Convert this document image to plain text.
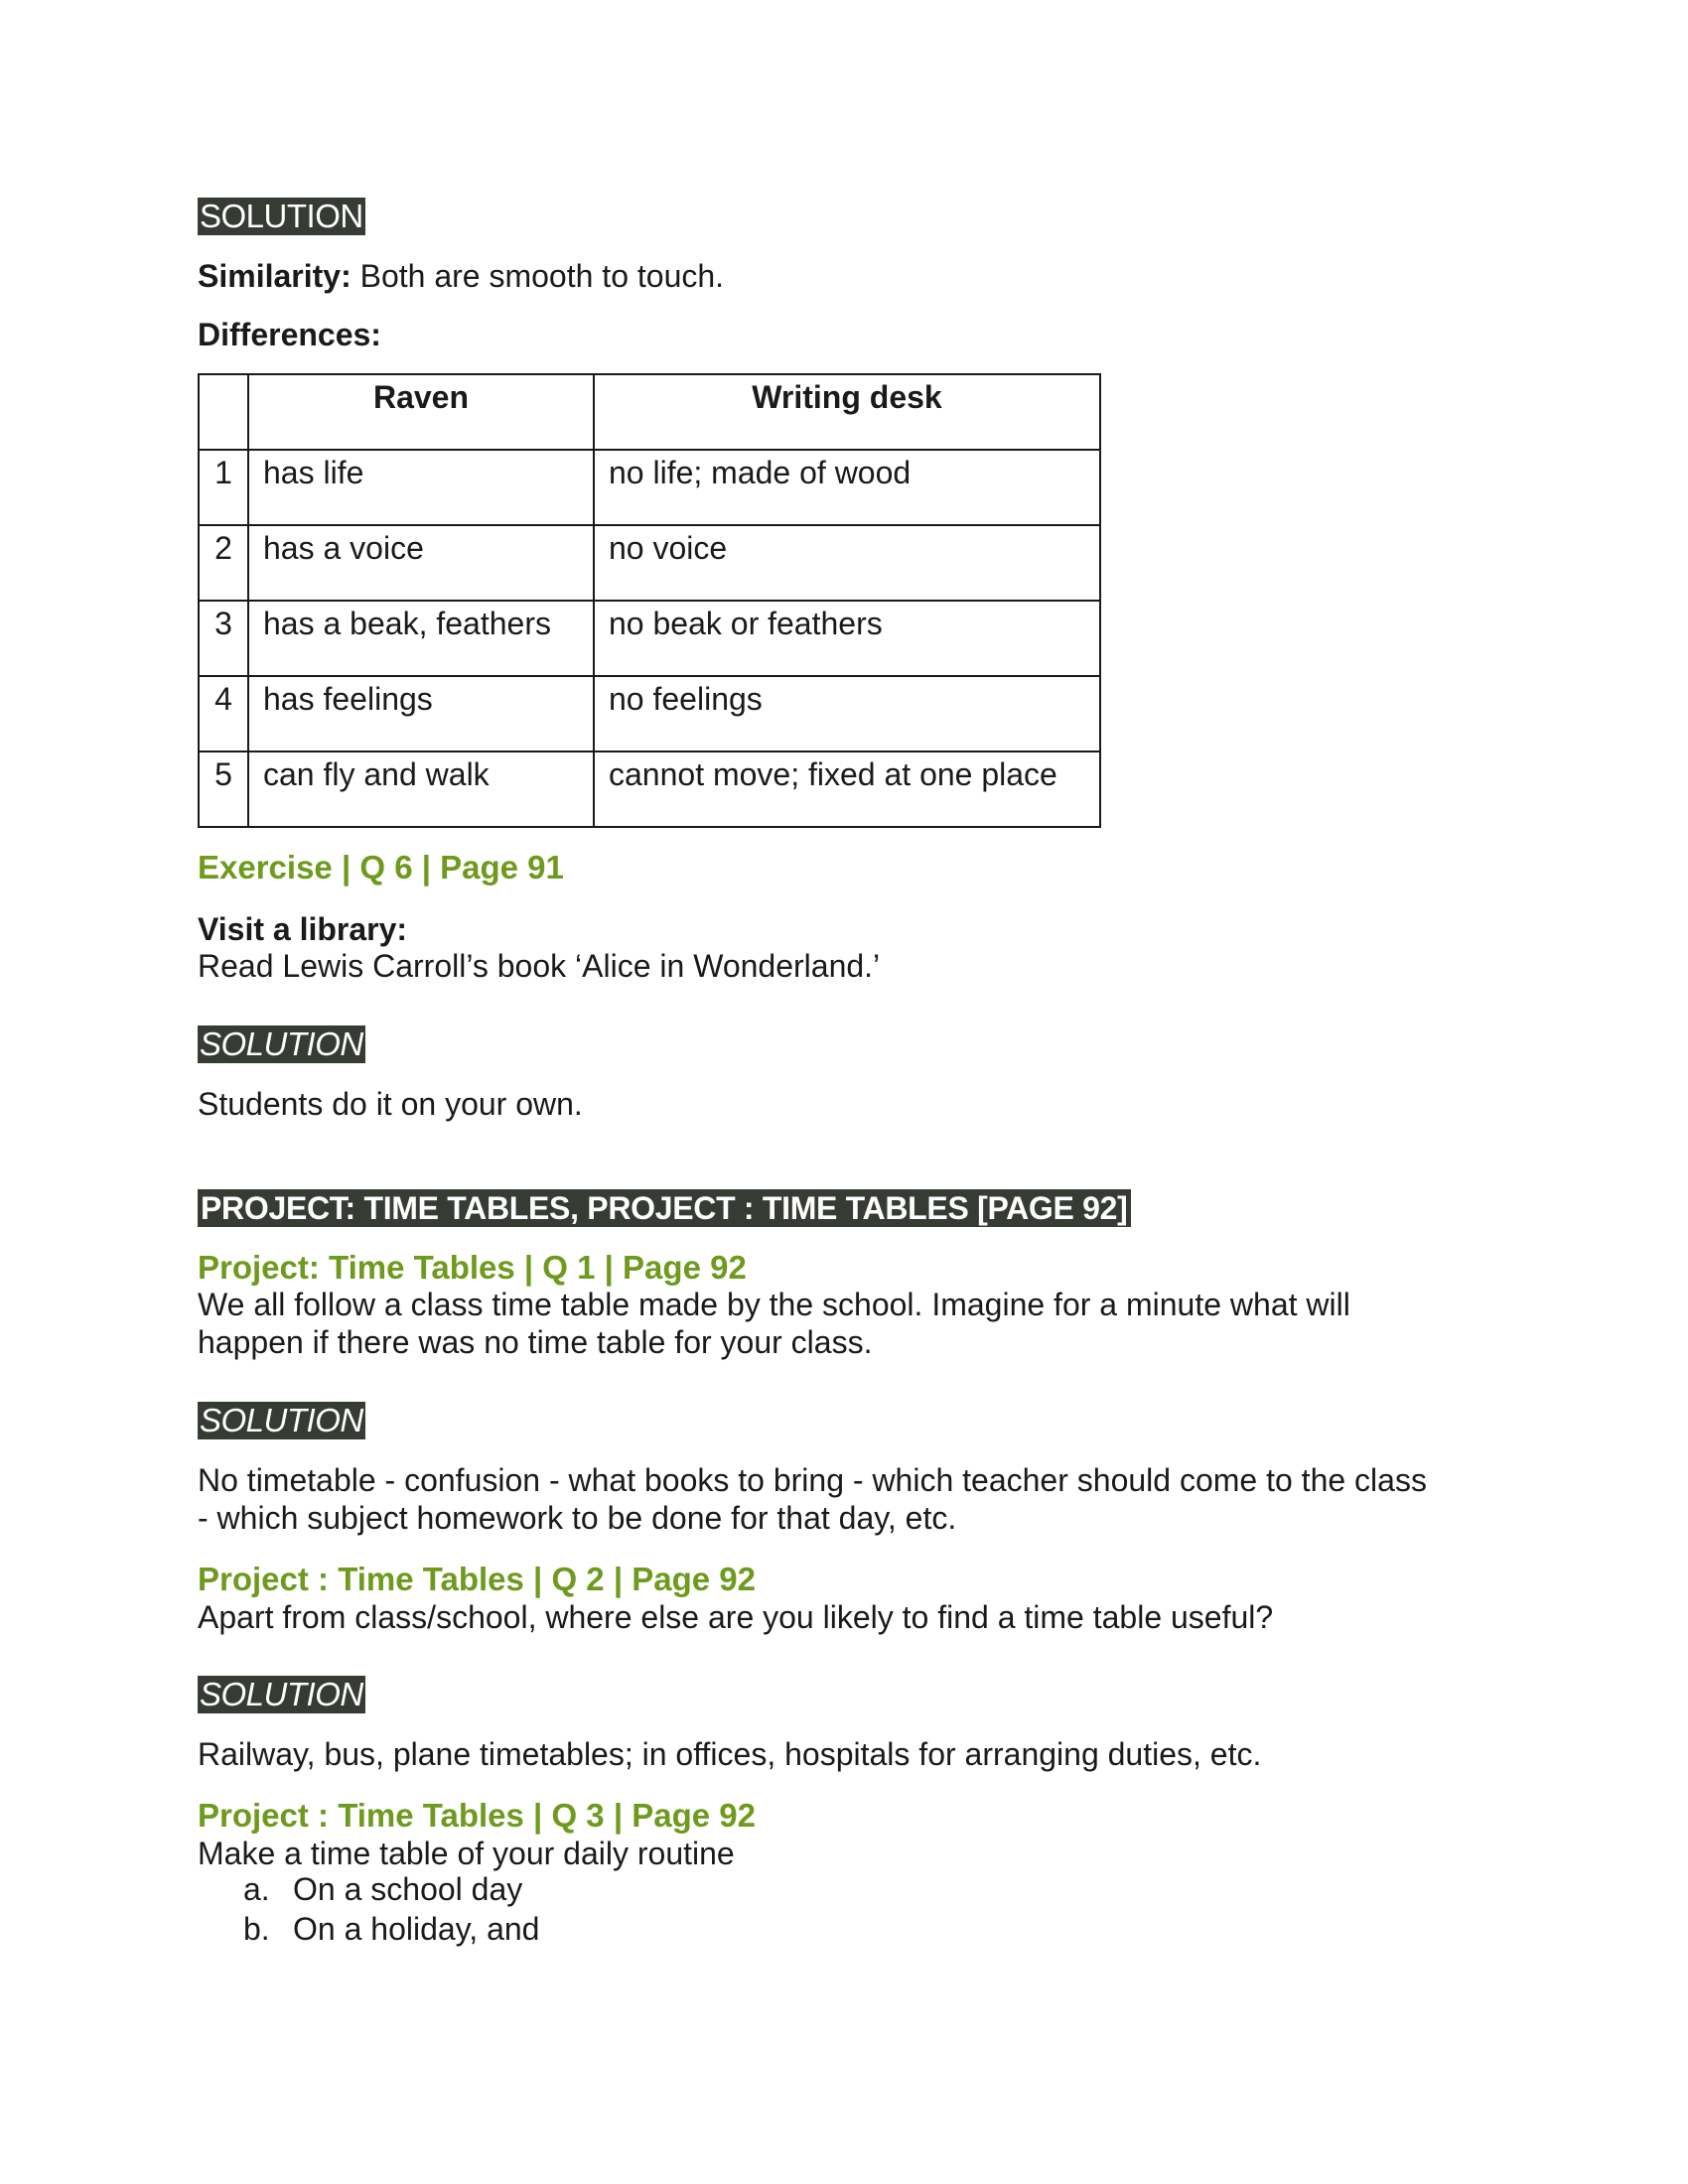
SOLUTION

Similarity: Both are smooth to touch.

Differences:

	Raven	Writing desk
1	has life	no life; made of wood
2	has a voice	no voice
3	has a beak, feathers	no beak or feathers
4	has feelings	no feelings
5	can fly and walk	cannot move; fixed at one place

Exercise | Q 6 | Page 91

Visit a library:

Read Lewis Carroll’s book ‘Alice in Wonderland.’

SOLUTION

Students do it on your own.

PROJECT: TIME TABLES, PROJECT : TIME TABLES [PAGE 92]

Project: Time Tables | Q 1 | Page 92

We all follow a class time table made by the school. Imagine for a minute what will

happen if there was no time table for your class.

SOLUTION

No timetable - confusion - what books to bring - which teacher should come to the class

- which subject homework to be done for that day, etc.

Project : Time Tables | Q 2 | Page 92

Apart from class/school, where else are you likely to find a time table useful?

SOLUTION

Railway, bus, plane timetables; in offices, hospitals for arranging duties, etc.

Project : Time Tables | Q 3 | Page 92

Make a time table of your daily routine

a. On a school day
b. On a holiday, and
